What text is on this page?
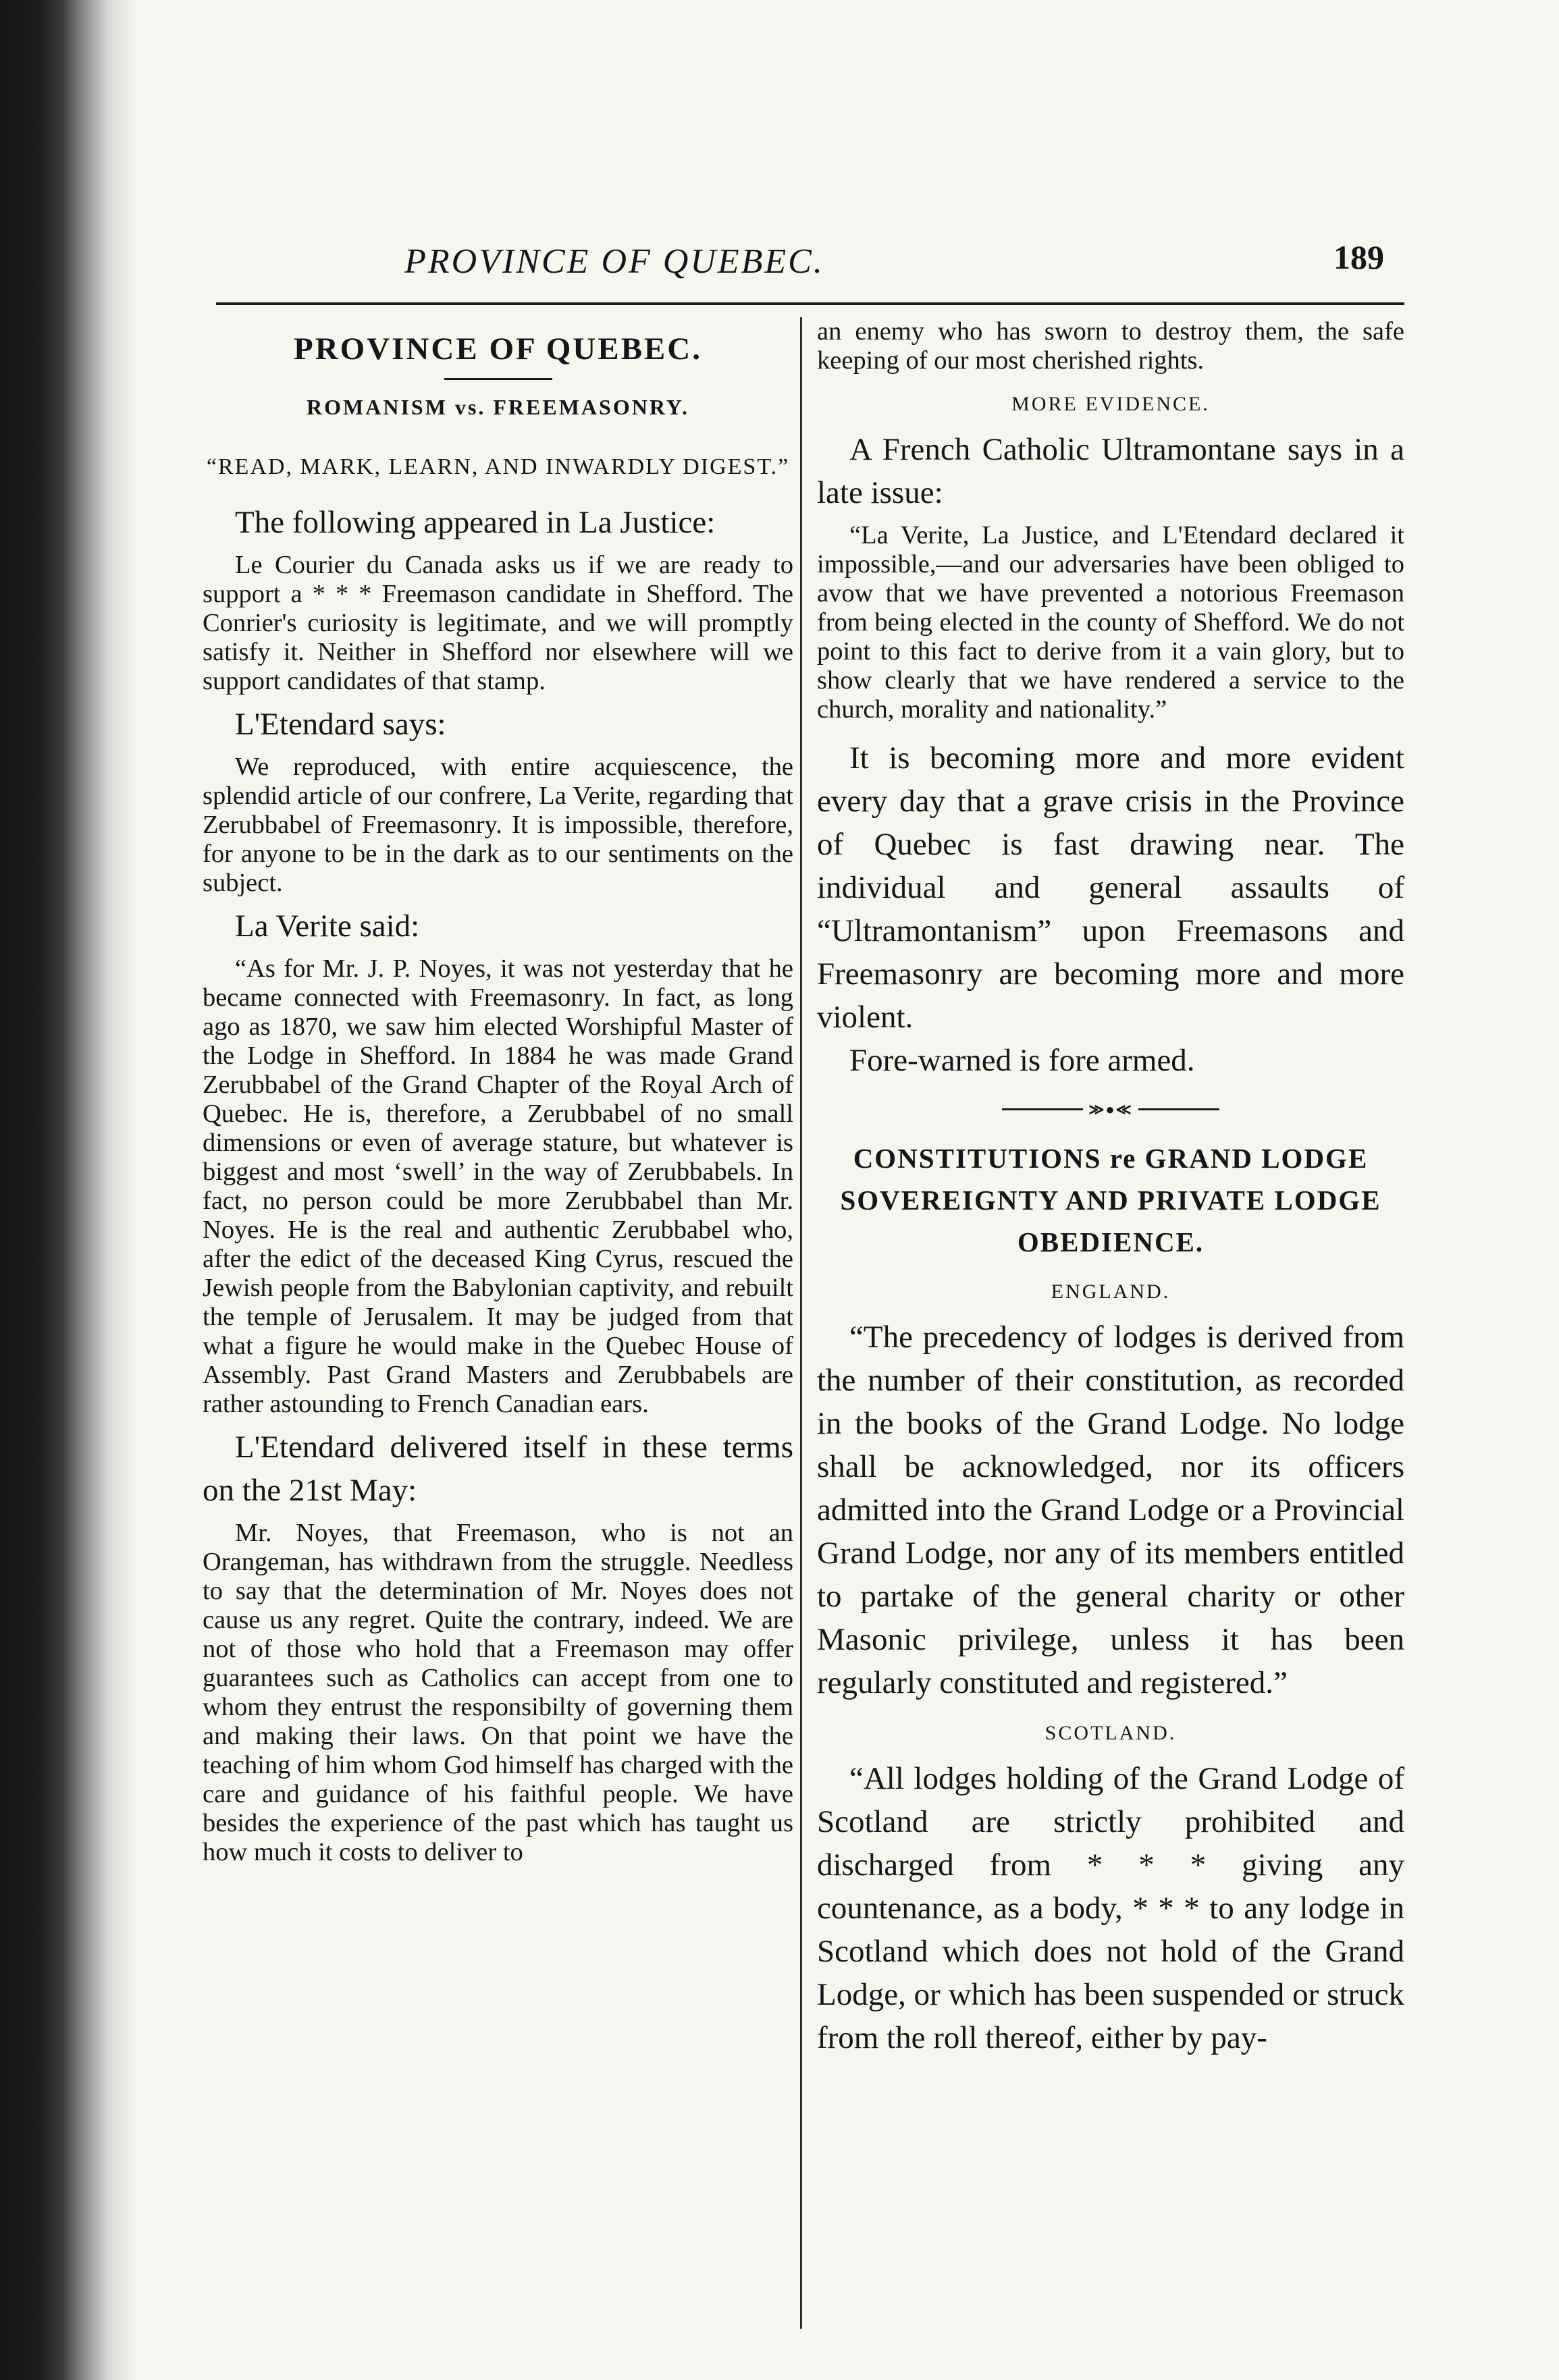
PROVINCE OF QUEBEC.	189
PROVINCE OF QUEBEC.
ROMANISM vs. FREEMASONRY.
“READ, MARK, LEARN, AND INWARDLY DIGEST.”

The following appeared in La Justice:

Le Courier du Canada asks us if we are ready to support a * * * Freemason candidate in Shefford. The Conrier's curiosity is legitimate, and we will promptly satisfy it. Neither in Shefford nor elsewhere will we support candidates of that stamp.

L'Etendard says:

We reproduced, with entire acquiescence, the splendid article of our confrere, La Verite, regarding that Zerubbabel of Freemasonry. It is impossible, therefore, for anyone to be in the dark as to our sentiments on the subject.

La Verite said:

“As for Mr. J. P. Noyes, it was not yesterday that he became connected with Freemasonry. In fact, as long ago as 1870, we saw him elected Worshipful Master of the Lodge in Shefford. In 1884 he was made Grand Zerubbabel of the Grand Chapter of the Royal Arch of Quebec. He is, therefore, a Zerubbabel of no small dimensions or even of average stature, but whatever is biggest and most ‘swell’ in the way of Zerubbabels. In fact, no person could be more Zerubbabel than Mr. Noyes. He is the real and authentic Zerubbabel who, after the edict of the deceased King Cyrus, rescued the Jewish people from the Babylonian captivity, and rebuilt the temple of Jerusalem. It may be judged from that what a figure he would make in the Quebec House of Assembly. Past Grand Masters and Zerubbabels are rather astounding to French Canadian ears.

L'Etendard delivered itself in these terms on the 21st May:

Mr. Noyes, that Freemason, who is not an Orangeman, has withdrawn from the struggle. Needless to say that the determination of Mr. Noyes does not cause us any regret. Quite the contrary, indeed. We are not of those who hold that a Freemason may offer guarantees such as Catholics can accept from one to whom they entrust the responsibilty of governing them and making their laws. On that point we have the teaching of him whom God himself has charged with the care and guidance of his faithful people. We have besides the experience of the past which has taught us how much it costs to deliver to

an enemy who has sworn to destroy them, the safe keeping of our most cherished rights.

MORE EVIDENCE.

A French Catholic Ultramontane says in a late issue:

“La Verite, La Justice, and L'Etendard declared it impossible,—and our adversaries have been obliged to avow that we have prevented a notorious Freemason from being elected in the county of Shefford. We do not point to this fact to derive from it a vain glory, but to show clearly that we have rendered a service to the church, morality and nationality.”

It is becoming more and more evident every day that a grave crisis in the Province of Quebec is fast drawing near. The individual and general assaults of “Ultramontanism” upon Freemasons and Freemasonry are becoming more and more violent.

Fore-warned is fore armed.

≫●≪
CONSTITUTIONS re GRAND LODGE SOVEREIGNTY AND PRIVATE LODGE OBEDIENCE.
ENGLAND.

“The precedency of lodges is derived from the number of their constitution, as recorded in the books of the Grand Lodge. No lodge shall be acknowledged, nor its officers admitted into the Grand Lodge or a Provincial Grand Lodge, nor any of its members entitled to partake of the general charity or other Masonic privilege, unless it has been regularly constituted and registered.”

SCOTLAND.

“All lodges holding of the Grand Lodge of Scotland are strictly prohibited and discharged from * * * giving any countenance, as a body, * * * to any lodge in Scotland which does not hold of the Grand Lodge, or which has been suspended or struck from the roll thereof, either by pay-
